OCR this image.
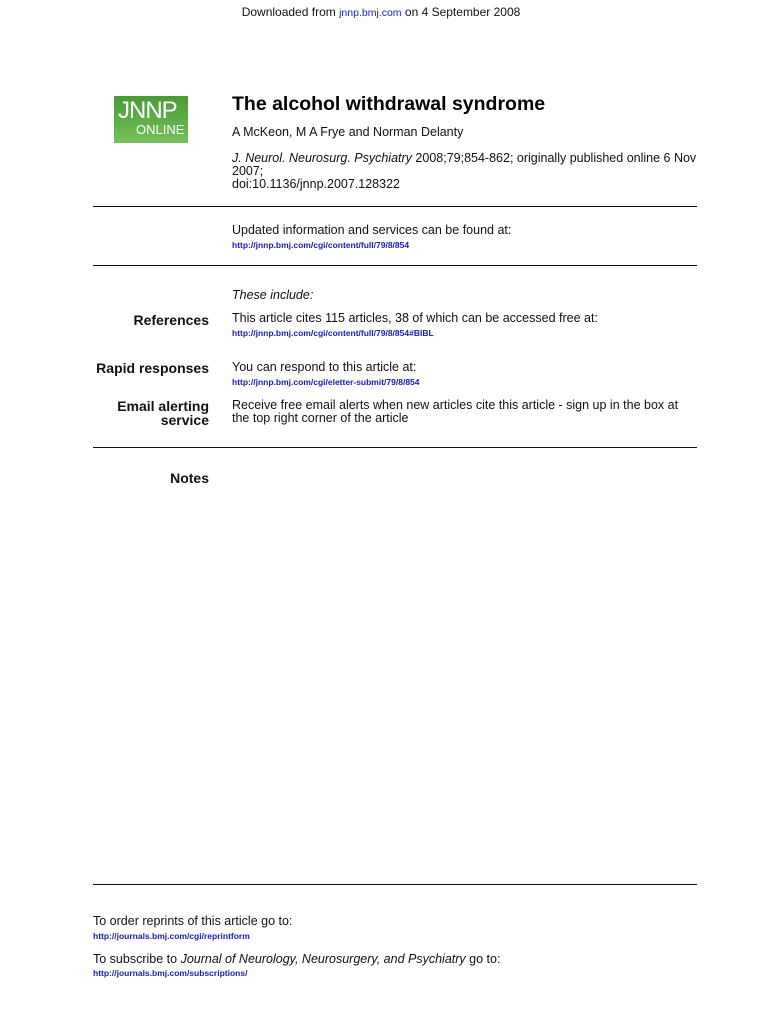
Downloaded from jnnp.bmj.com on 4 September 2008
JNNP
ONLINE
The alcohol withdrawal syndrome
A McKeon, M A Frye and Norman Delanty
J. Neurol. Neurosurg. Psychiatry 2008;79;854-862; originally published online 6 Nov 2007;
doi:10.1136/jnnp.2007.128322
Updated information and services can be found at:
http://jnnp.bmj.com/cgi/content/full/79/8/854
These include:
References This article cites 115 articles, 38 of which can be accessed free at:
http://jnnp.bmj.com/cgi/content/full/79/8/854#BIBL
Rapid responses You can respond to this article at:
http://jnnp.bmj.com/cgi/eletter-submit/79/8/854
Email alerting
service
Receive free email alerts when new articles cite this article - sign up in the box at the top right corner of the article
Notes
To order reprints of this article go to:
http://journals.bmj.com/cgi/reprintform
To subscribe to Journal of Neurology, Neurosurgery, and Psychiatry go to:
http://journals.bmj.com/subscriptions/
